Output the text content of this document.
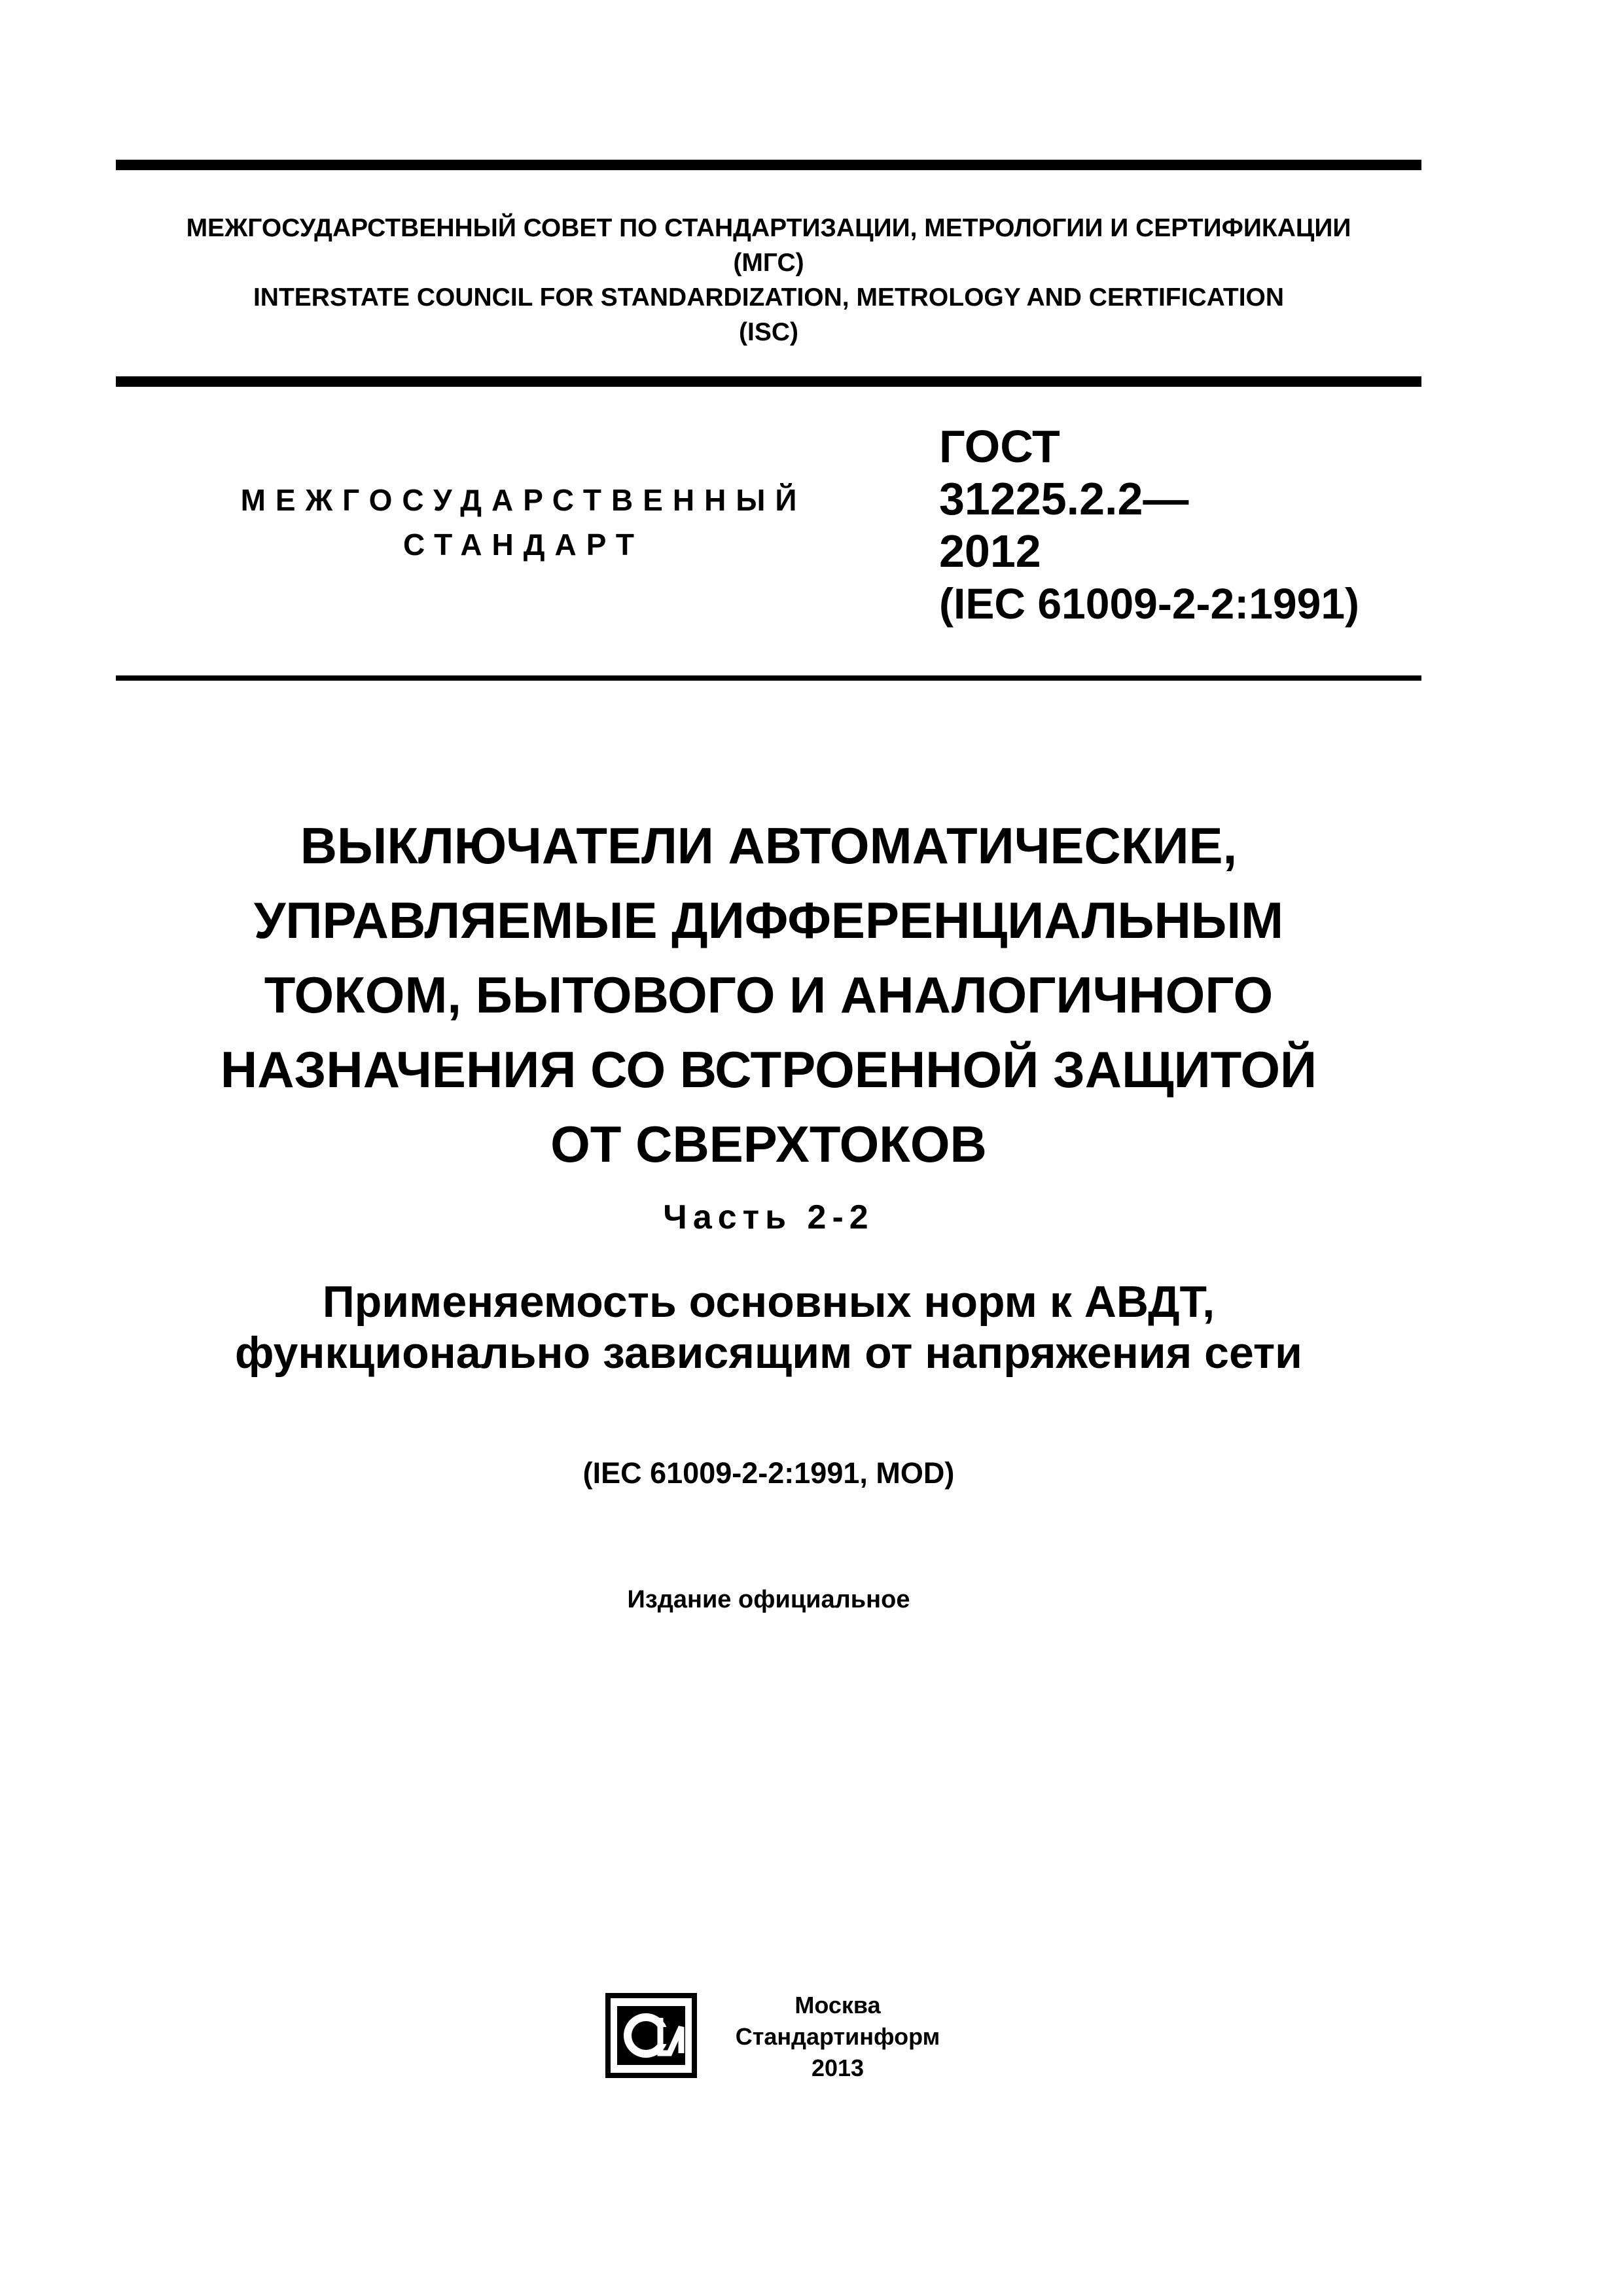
МЕЖГОСУДАРСТВЕННЫЙ СОВЕТ ПО СТАНДАРТИЗАЦИИ, МЕТРОЛОГИИ И СЕРТИФИКАЦИИ
(МГС)
INTERSTATE COUNCIL FOR STANDARDIZATION, METROLOGY AND CERTIFICATION
(ISC)
МЕЖГОСУДАРСТВЕННЫЙ
СТАНДАРТ
ГОСТ
31225.2.2—
2012
(IEC 61009-2-2:1991)
ВЫКЛЮЧАТЕЛИ АВТОМАТИЧЕСКИЕ,
УПРАВЛЯЕМЫЕ ДИФФЕРЕНЦИАЛЬНЫМ
ТОКОМ, БЫТОВОГО И АНАЛОГИЧНОГО
НАЗНАЧЕНИЯ СО ВСТРОЕННОЙ ЗАЩИТОЙ
ОТ СВЕРХТОКОВ
Часть 2-2
Применяемость основных норм к АВДТ,
функционально зависящим от напряжения сети
(IEC 61009-2-2:1991, MOD)
Издание официальное
Москва
Стандартинформ
2013
